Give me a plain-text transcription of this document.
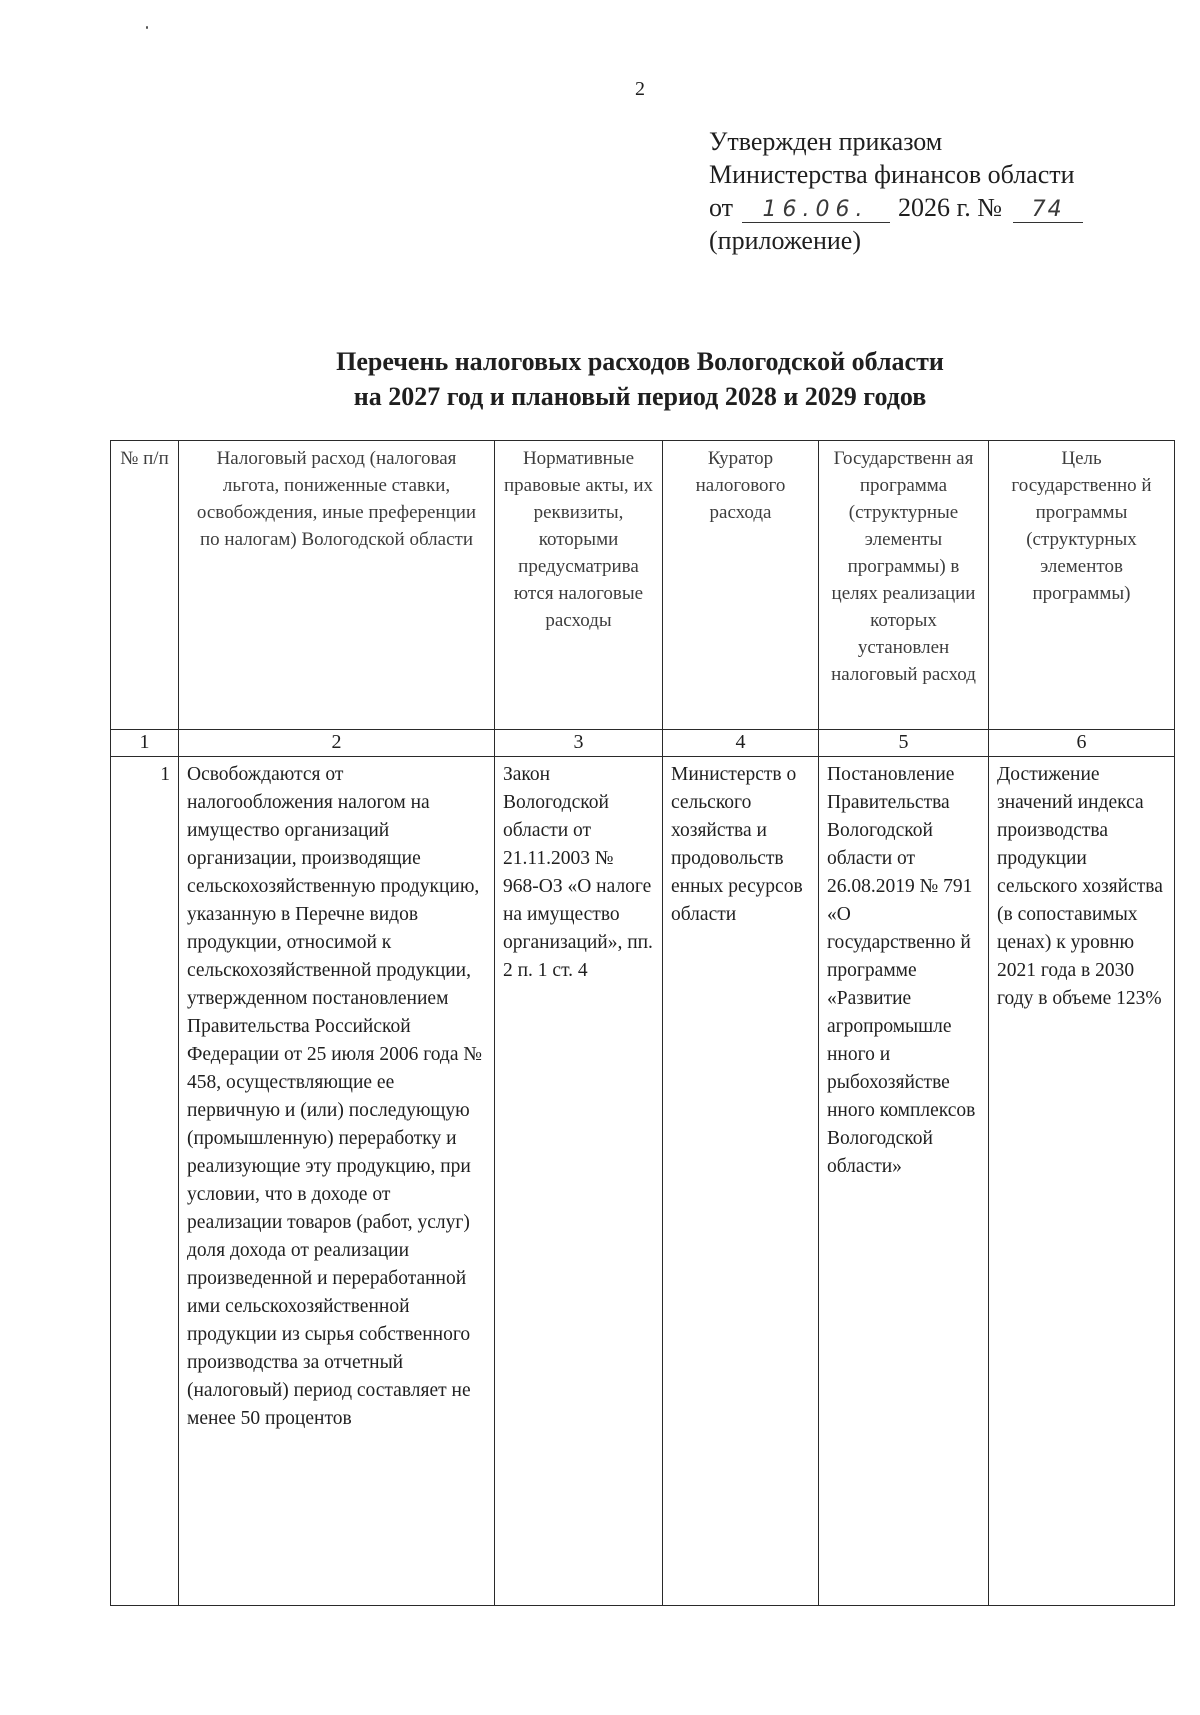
2
Утвержден приказом
Министерства финансов области
от 16.06. 2026 г. № 74
(приложение)
Перечень налоговых расходов Вологодской области
на 2027 год и плановый период 2028 и 2029 годов
№ п/п	Налоговый расход (налоговая льгота, пониженные ставки, освобождения, иные преференции по налогам) Вологодской области	Нормативные правовые акты, их реквизиты, которыми предусматрива ются налоговые расходы	Куратор налогового расхода	Государственн ая программа (структурные элементы программы) в целях реализации которых установлен налоговый расход	Цель государственно й программы (структурных элементов программы)
1	2	3	4	5	6
1	Освобождаются от налогообложения налогом на имущество организаций организации, производящие сельскохозяйственную продукцию, указанную в Перечне видов продукции, относимой к сельскохозяйственной продукции, утвержденном постановлением Правительства Российской Федерации от 25 июля 2006 года № 458, осуществляющие ее первичную и (или) последующую (промышленную) переработку и реализующие эту продукцию, при условии, что в доходе от реализации товаров (работ, услуг) доля дохода от реализации произведенной и переработанной ими сельскохозяйственной продукции из сырья собственного производства за отчетный (налоговый) период составляет не менее 50 процентов	Закон Вологодской области от 21.11.2003 № 968-ОЗ «О налоге на имущество организаций», пп. 2 п. 1 ст. 4	Министерств о сельского хозяйства и продовольств енных ресурсов области	Постановление Правительства Вологодской области от 26.08.2019 № 791 «О государственно й программе «Развитие агропромышле нного и рыбохозяйстве нного комплексов Вологодской области»	Достижение значений индекса производства продукции сельского хозяйства (в сопоставимых ценах) к уровню 2021 года в 2030 году в объеме 123%
